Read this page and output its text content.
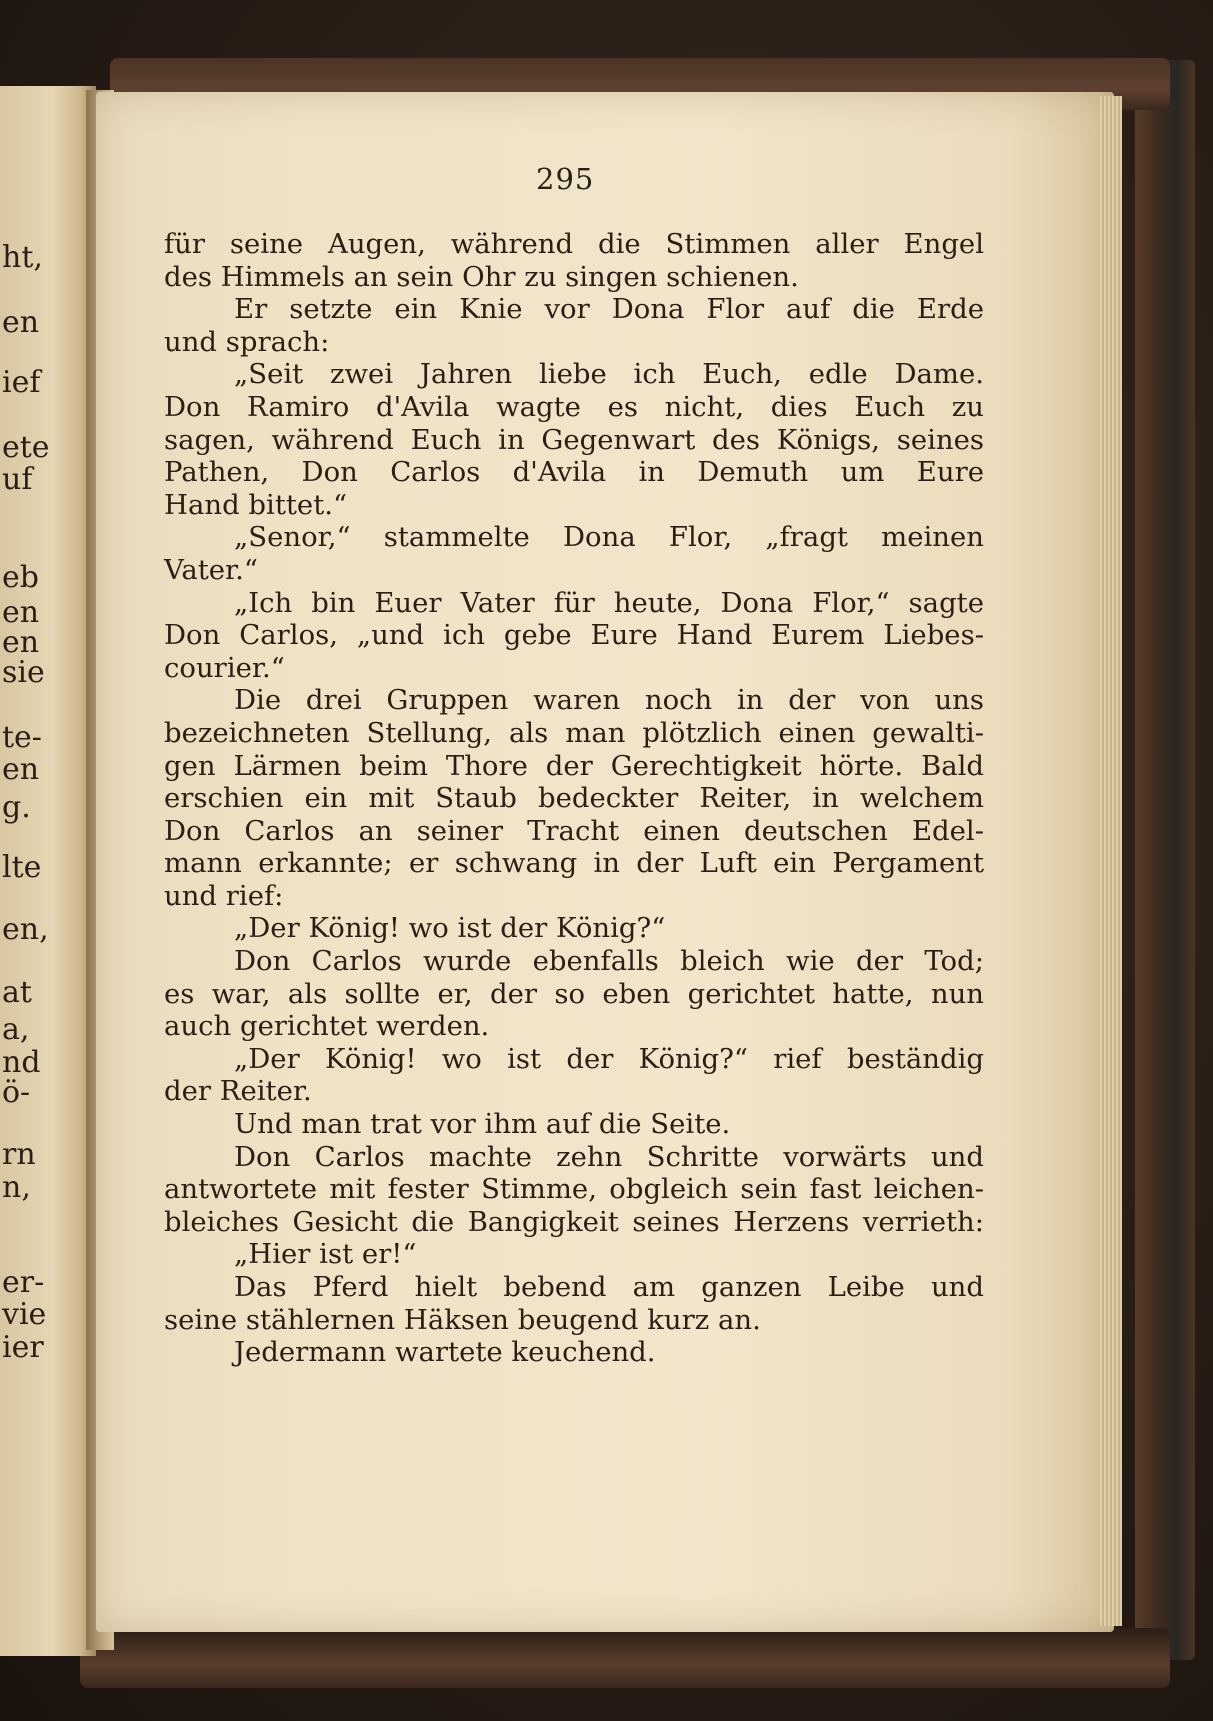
ht,
en
ief
ete
uf
eb
en
en
sie
te-
en
g.
lte
en,
at
a,
nd
ö-
rn
n,
er-
vie
ier
295
für seine Augen, während die Stimmen aller Engel
des Himmels an sein Ohr zu singen schienen.
Er setzte ein Knie vor Dona Flor auf die Erde
und sprach:
„Seit zwei Jahren liebe ich Euch, edle Dame.
Don Ramiro d'Avila wagte es nicht, dies Euch zu
sagen, während Euch in Gegenwart des Königs, seines
Pathen, Don Carlos d'Avila in Demuth um Eure
Hand bittet.“
„Senor,“ stammelte Dona Flor, „fragt meinen
Vater.“
„Ich bin Euer Vater für heute, Dona Flor,“ sagte
Don Carlos, „und ich gebe Eure Hand Eurem Liebes-
courier.“
Die drei Gruppen waren noch in der von uns
bezeichneten Stellung, als man plötzlich einen gewalti-
gen Lärmen beim Thore der Gerechtigkeit hörte. Bald
erschien ein mit Staub bedeckter Reiter, in welchem
Don Carlos an seiner Tracht einen deutschen Edel-
mann erkannte; er schwang in der Luft ein Pergament
und rief:
„Der König! wo ist der König?“
Don Carlos wurde ebenfalls bleich wie der Tod;
es war, als sollte er, der so eben gerichtet hatte, nun
auch gerichtet werden.
„Der König! wo ist der König?“ rief beständig
der Reiter.
Und man trat vor ihm auf die Seite.
Don Carlos machte zehn Schritte vorwärts und
antwortete mit fester Stimme, obgleich sein fast leichen-
bleiches Gesicht die Bangigkeit seines Herzens verrieth:
„Hier ist er!“
Das Pferd hielt bebend am ganzen Leibe und
seine stählernen Häksen beugend kurz an.
Jedermann wartete keuchend.
